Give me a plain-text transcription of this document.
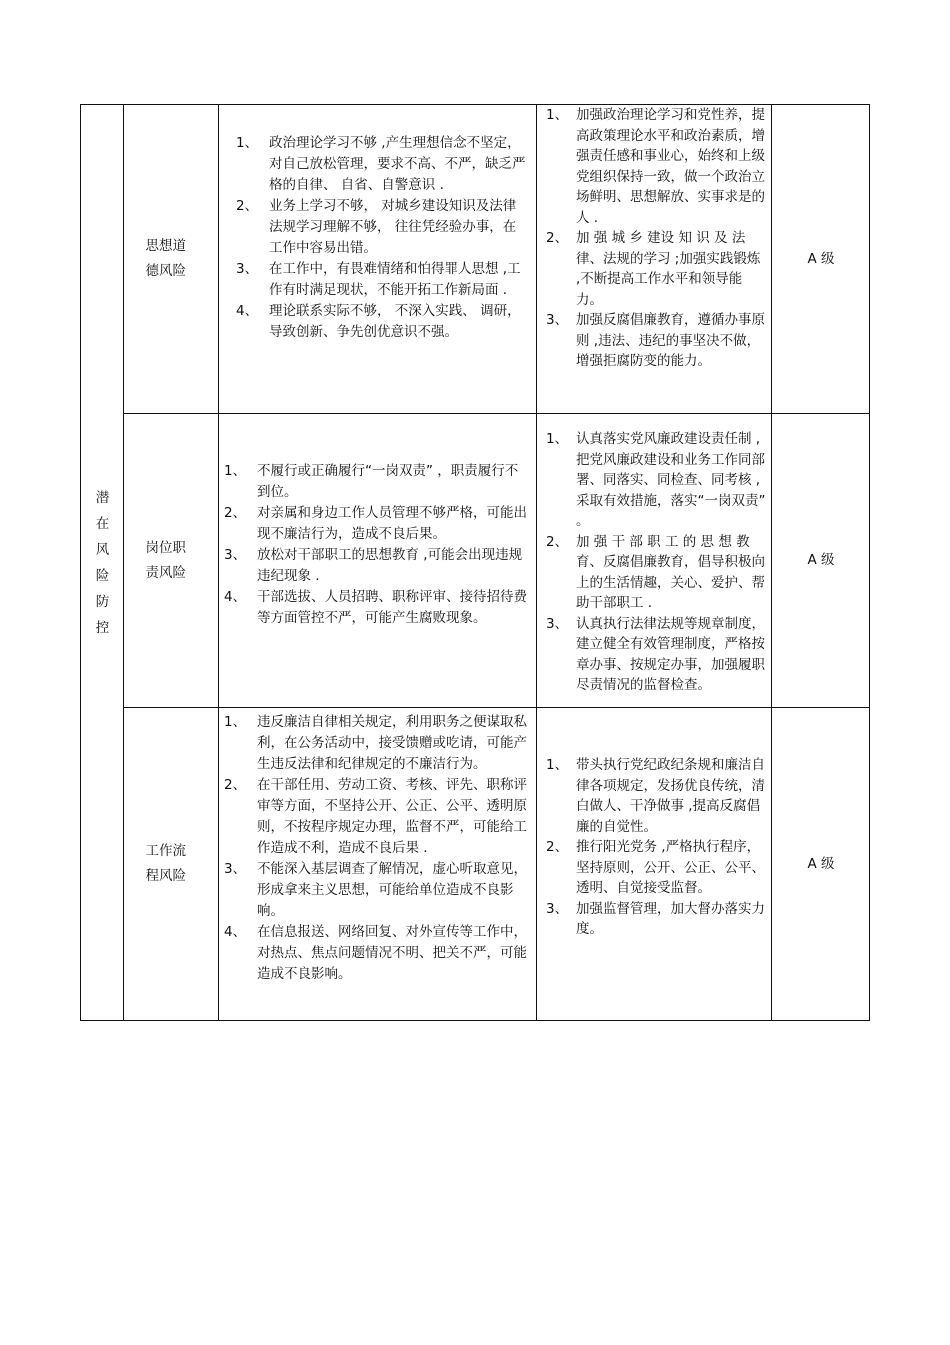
潜在风险防控
思想道德风险
1、 政治理论学习不够 ,产生理想信念不坚定，对自己放松管理，要求不高、不严，缺乏严格的自律、 自省、自警意识 .
2、 业务上学习不够， 对城乡建设知识及法律法规学习理解不够， 往往凭经验办事，在工作中容易出错。
3、 在工作中，有畏难情绪和怕得罪人思想 ,工作有时满足现状，不能开拓工作新局面 .
4、 理论联系实际不够， 不深入实践、 调研，导致创新、争先创优意识不强。
1、 加强政治理论学习和党性养，提高政策理论水平和政治素质，增强责任感和事业心，始终和上级党组织保持一致，做一个政治立场鲜明、思想解放、实事求是的人 .
2、 加 强 城 乡 建设 知 识 及 法律、法规的学习 ;加强实践锻炼 ,不断提高工作水平和领导能力。
3、 加强反腐倡廉教育，遵循办事原则 ,违法、违纪的事坚决不做，增强拒腐防变的能力。
A 级
岗位职责风险
1、 不履行或正确履行“一岗双责” ，职责履行不到位。
2、 对亲属和身边工作人员管理不够严格，可能出现不廉洁行为，造成不良后果。
3、 放松对干部职工的思想教育 ,可能会出现违规违纪现象 .
4、 干部选拔、人员招聘、职称评审、接待招待费等方面管控不严，可能产生腐败现象。
1、 认真落实党风廉政建设责任制 ,把党风廉政建设和业务工作同部署、同落实、同检查、同考核 ,采取有效措施，落实“一岗双责” 。
2、 加 强 干 部 职 工 的 思 想 教育、反腐倡廉教育，倡导积极向上的生活情趣，关心、爱护、帮助干部职工 .
3、 认真执行法律法规等规章制度，建立健全有效管理制度，严格按章办事、按规定办事，加强履职尽责情况的监督检查。
A 级
工作流程风险
1、 违反廉洁自律相关规定，利用职务之便谋取私利，在公务活动中，接受馈赠或吃请，可能产生违反法律和纪律规定的不廉洁行为。
2、 在干部任用、劳动工资、考核、评先、职称评审等方面，不坚持公开、公正、公平、透明原则，不按程序规定办理，监督不严，可能给工作造成不利，造成不良后果 .
3、 不能深入基层调查了解情况，虚心听取意见，形成拿来主义思想，可能给单位造成不良影响。
4、 在信息报送、网络回复、对外宣传等工作中，对热点、焦点问题情况不明、把关不严，可能造成不良影响。
1、 带头执行党纪政纪条规和廉洁自律各项规定，发扬优良传统，清白做人、干净做事 ,提高反腐倡廉的自觉性。
2、 推行阳光党务 ,严格执行程序，坚持原则，公开、公正、公平、透明、自觉接受监督。
3、 加强监督管理，加大督办落实力度。
A 级
